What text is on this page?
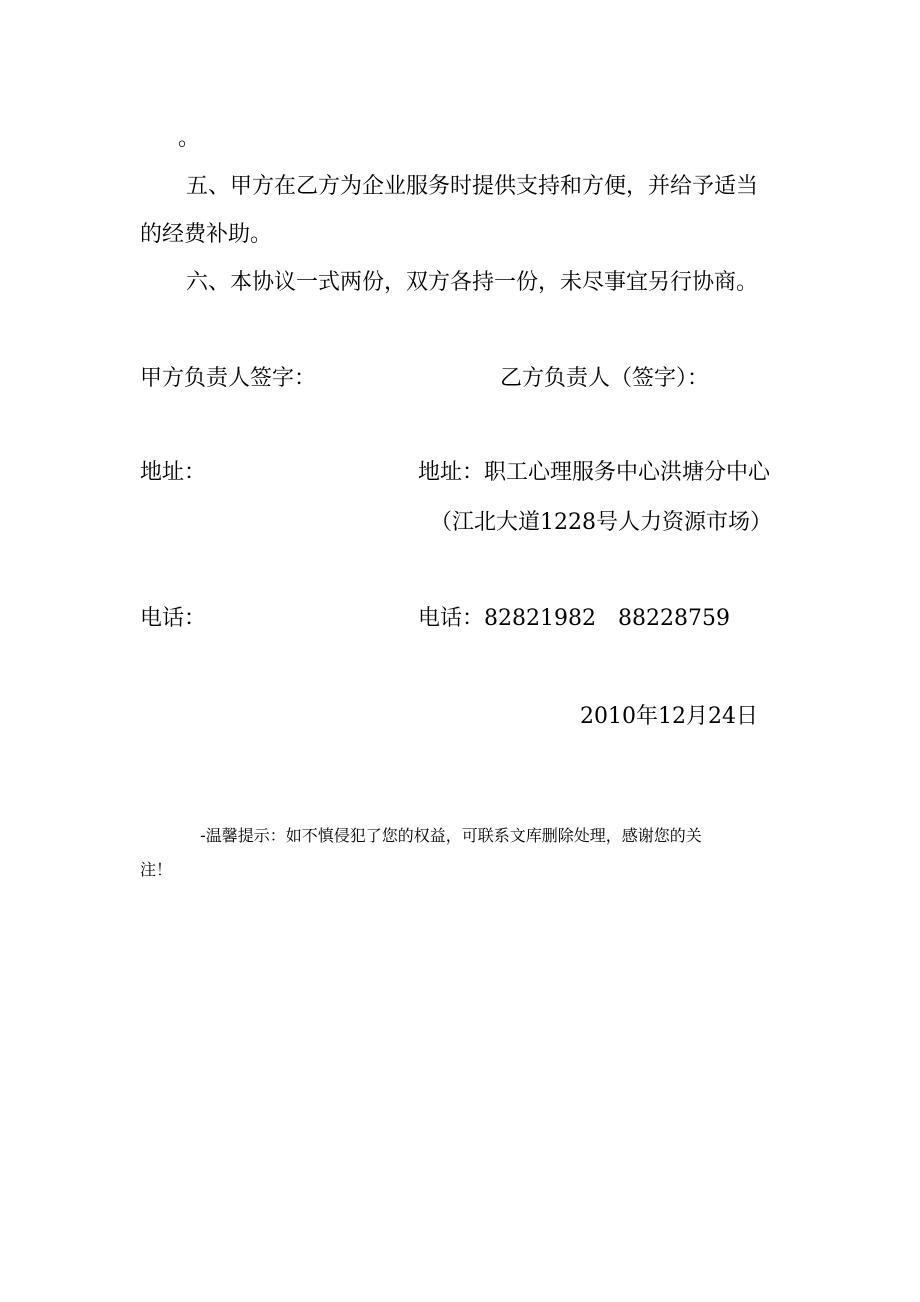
。
五、甲方在乙方为企业服务时提供支持和方便，并给予适当
的经费补助。
六、本协议一式两份，双方各持一份，未尽事宜另行协商。
甲方负责人签字：	乙方负责人（签字）：
地址：	地址：职工心理服务中心洪塘分中心
（江北大道1228号人力资源市场）
电话：	电话：82821982　88228759
2010年12月24日
-温馨提示：如不慎侵犯了您的权益，可联系文库删除处理，感谢您的关
注！
